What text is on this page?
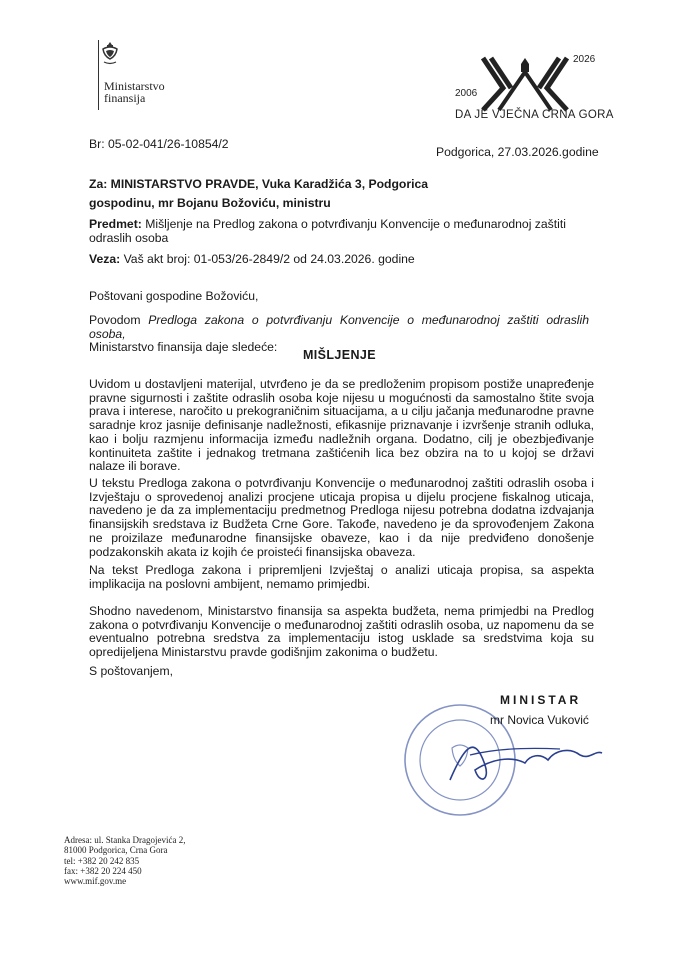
Ministarstvo
finansija	2006
2026
DA JE VJEČNA CRNA GORA
Br: 05-02-041/26-10854/2
Podgorica, 27.03.2026.godine
Za: MINISTARSTVO PRAVDE, Vuka Karadžića 3, Podgorica
gospodinu, mr Bojanu Božoviću, ministru
Predmet: Mišljenje na Predlog zakona o potvrđivanju Konvencije o međunarodnoj zaštiti
odraslih osoba
Veza: Vaš akt broj: 01-053/26-2849/2 od 24.03.2026. godine
Poštovani gospodine Božoviću,
Povodom Predloga zakona o potvrđivanju Konvencije o međunarodnoj zaštiti odraslih osoba,
Ministarstvo finansija daje sledeće:
MIŠLJENJE
Uvidom u dostavljeni materijal, utvrđeno je da se predloženim propisom postiže unapređenje pravne sigurnosti i zaštite odraslih osoba koje nijesu u mogućnosti da samostalno štite svoja prava i interese, naročito u prekograničnim situacijama, a u cilju jačanja međunarodne pravne saradnje kroz jasnije definisanje nadležnosti, efikasnije priznavanje i izvršenje stranih odluka, kao i bolju razmjenu informacija između nadležnih organa. Dodatno, cilj je obezbjeđivanje kontinuiteta zaštite i jednakog tretmana zaštićenih lica bez obzira na to u kojoj se državi nalaze ili borave.
U tekstu Predloga zakona o potvrđivanju Konvencije o međunarodnoj zaštiti odraslih osoba i Izvještaju o sprovedenoj analizi procjene uticaja propisa u dijelu procjene fiskalnog uticaja, navedeno je da za implementaciju predmetnog Predloga nijesu potrebna dodatna izdvajanja finansijskih sredstava iz Budžeta Crne Gore. Takođe, navedeno je da sprovođenjem Zakona ne proizilaze međunarodne finansijske obaveze, kao i da nije predviđeno donošenje podzakonskih akata iz kojih će proisteći finansijska obaveza.
Na tekst Predloga zakona i pripremljeni Izvještaj o analizi uticaja propisa, sa aspekta implikacija na poslovni ambijent, nemamo primjedbi.
Shodno navedenom, Ministarstvo finansija sa aspekta budžeta, nema primjedbi na Predlog zakona o potvrđivanju Konvencije o međunarodnoj zaštiti odraslih osoba, uz napomenu da se eventualno potrebna sredstva za implementaciju istog uskladе sa sredstvima koja su opredijeljena Ministarstvu pravde godišnjim zakonima o budžetu.
S poštovanjem,
MINISTAR
mr Novica Vuković
Adresa: ul. Stanka Dragojevića 2,
81000 Podgorica, Crna Gora
tel: +382 20 242 835
fax: +382 20 224 450
www.mif.gov.me
